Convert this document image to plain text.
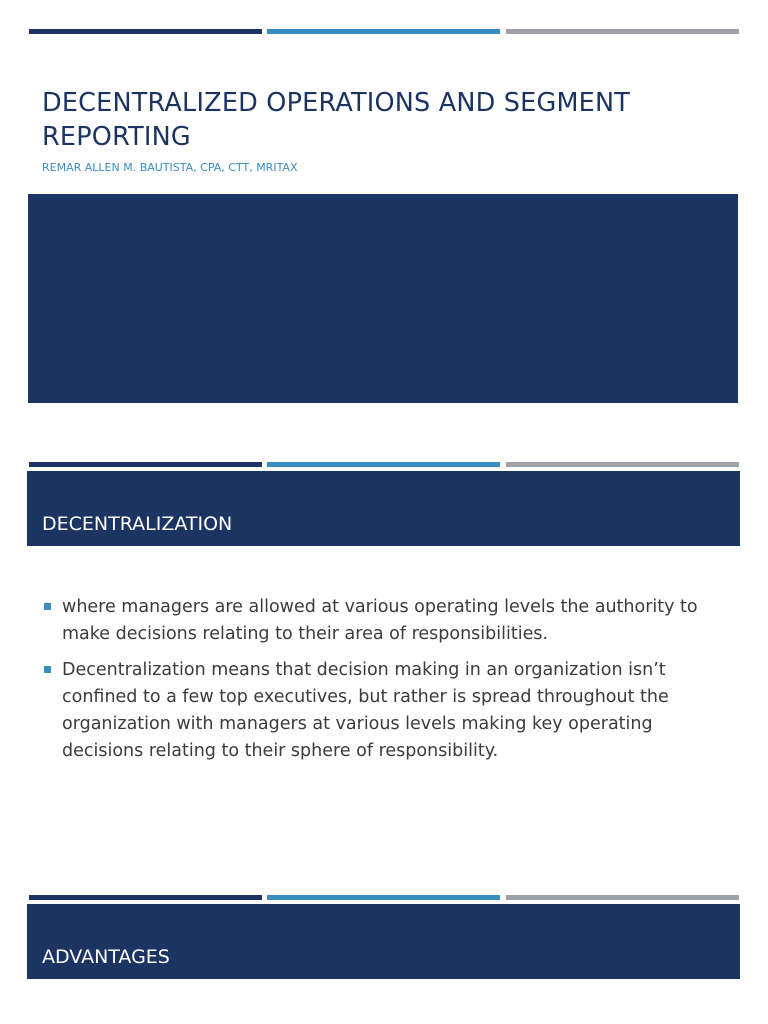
DECENTRALIZED OPERATIONS AND SEGMENT REPORTING
REMAR ALLEN M. BAUTISTA, CPA, CTT, MRITAX
DECENTRALIZATION
where managers are allowed at various operating levels the authority to make decisions relating to their area of responsibilities.
Decentralization means that decision making in an organization isn’t confined to a few top executives, but rather is spread throughout the organization with managers at various levels making key operating decisions relating to their sphere of responsibility.
ADVANTAGES
